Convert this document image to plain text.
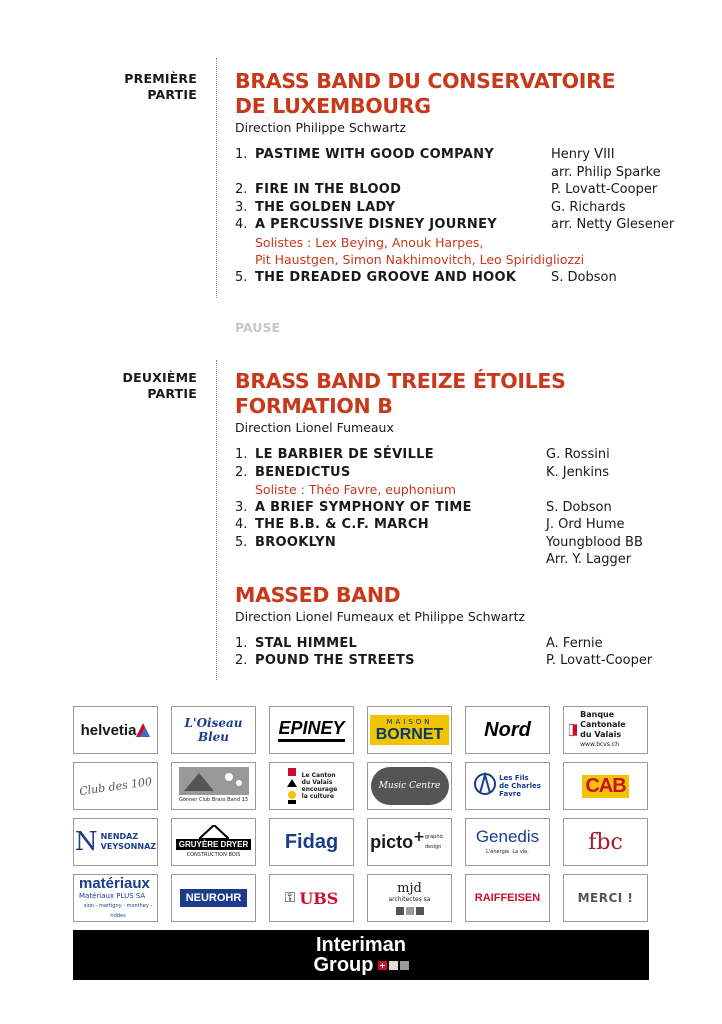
PREMIÈRE
PARTIE
BRASS BAND DU CONSERVATOIRE
DE LUXEMBOURG
Direction Philippe Schwartz
1. PASTIME WITH GOOD COMPANY	Henry VIII
arr. Philip Sparke
2. FIRE IN THE BLOOD	P. Lovatt-Cooper
3. THE GOLDEN LADY	G. Richards
4. A PERCUSSIVE DISNEY JOURNEY	arr. Netty Glesener
Solistes : Lex Beying, Anouk Harpes,
Pit Haustgen, Simon Nakhimovitch, Leo Spiridigliozzi
5. THE DREADED GROOVE AND HOOK	S. Dobson
PAUSE
DEUXIÈME
PARTIE
BRASS BAND TREIZE ÉTOILES
FORMATION B
Direction Lionel Fumeaux
1. LE BARBIER DE SÉVILLE	G. Rossini
2. BENEDICTUS	K. Jenkins
Soliste : Théo Favre, euphonium
3. A BRIEF SYMPHONY OF TIME	S. Dobson
4. THE B.B. & C.F. MARCH	J. Ord Hume
5. BROOKLYN	Youngblood BB
Arr. Y. Lagger
MASSED BAND
Direction Lionel Fumeaux et Philippe Schwartz
1. STAL HIMMEL	A. Fernie
2. POUND THE STREETS	P. Lovatt-Cooper
helvetia	L'Oiseau Bleu	EPINEY	MAISON
BORNET Nord
Banque Cantonale
du Valais
www.bcvs.ch
Club des 100
Gönner Club Brass Band 13
Le Canton
du Valais
encourage
la culture
Music Centre
Les Fils
de Charles
Favre	CAB
N NENDAZ
VEYSONNAZ	GRUYÈRE DRYER
CONSTRUCTION BOIS
Fidag picto + graphic design
Genedis
L'énergie. La vie.	fbc
matériaux
Matériaux PLUS SA
sion - martigny - monthey - riddes
NEUROHR	⚿ UBS
mjd
architectes sa	RAIFFEISEN	MERCI !
Interiman
Group
